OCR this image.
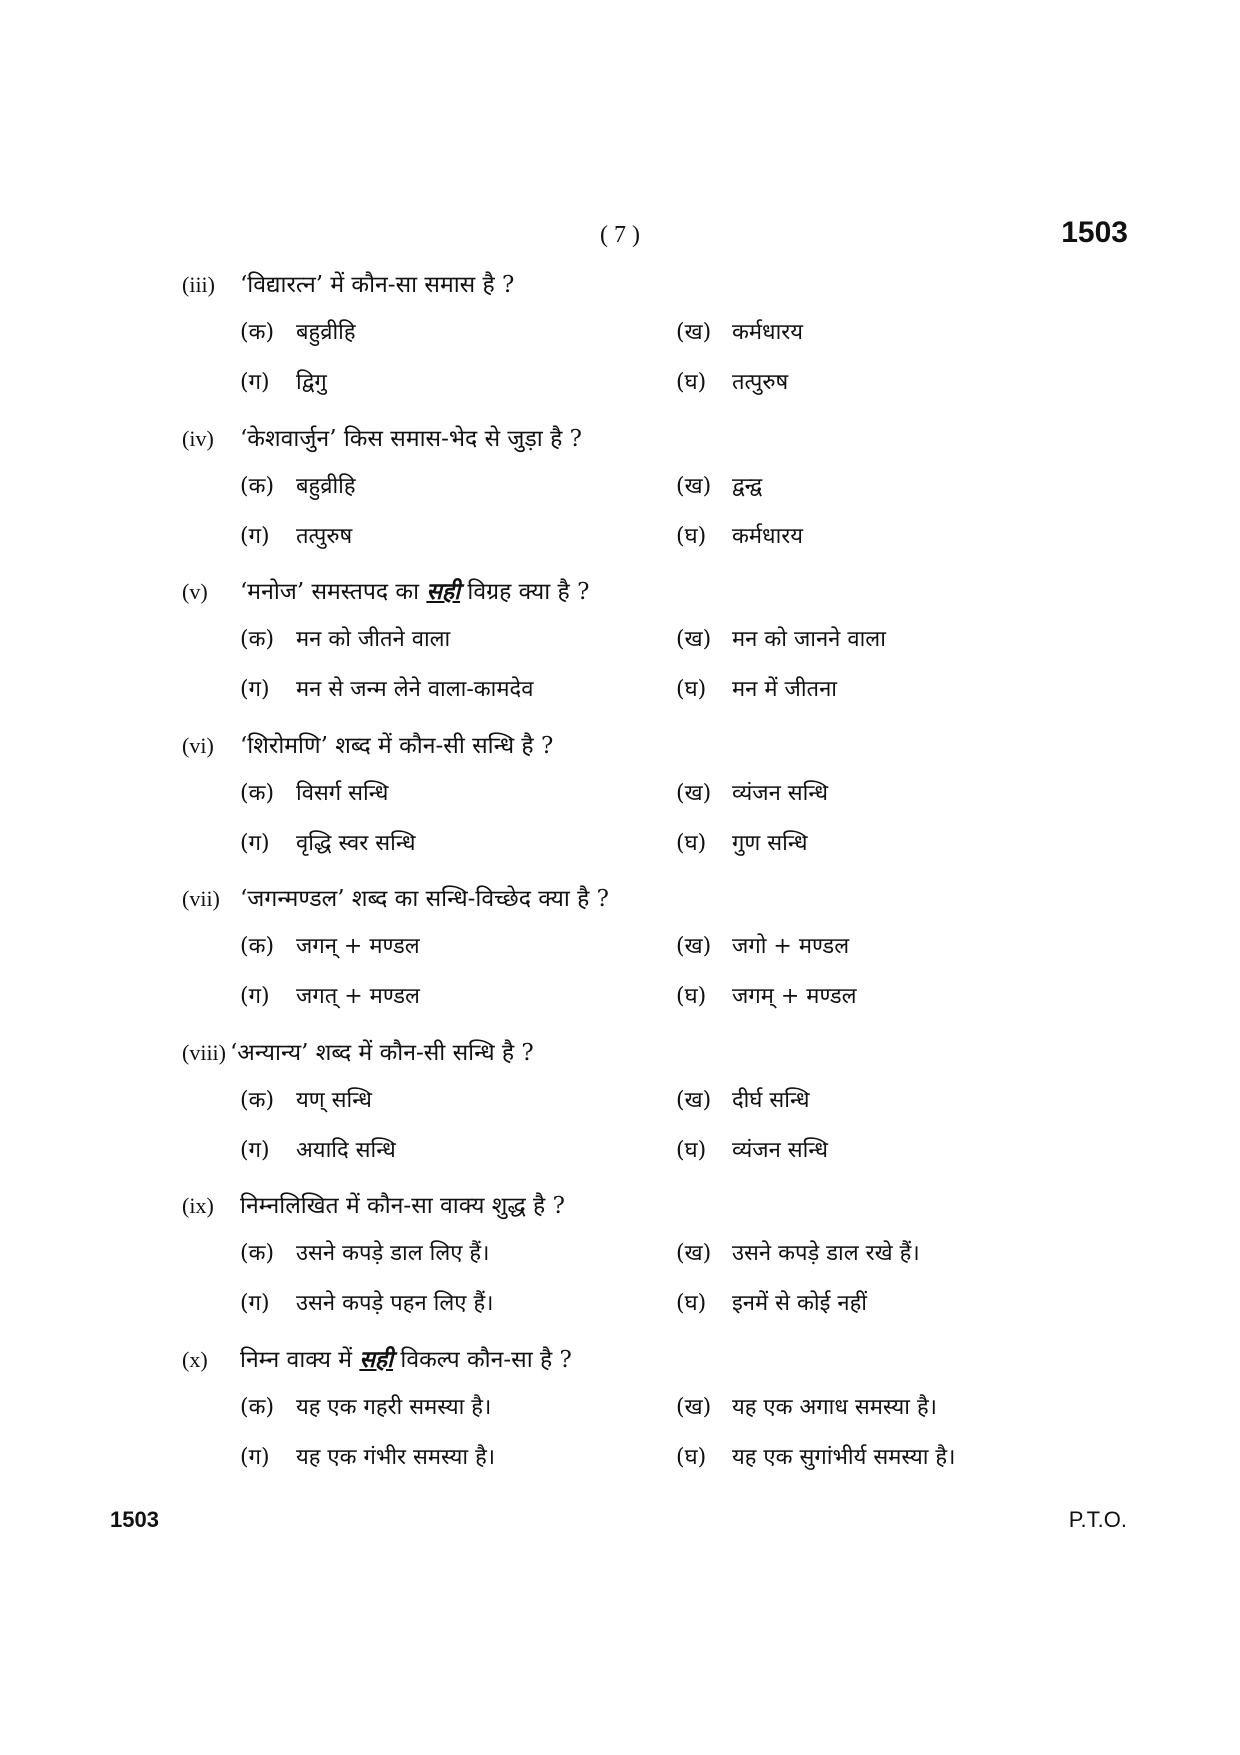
( 7 )	1503
(iii) ‘विद्यारत्न’ में कौन-सा समास है ?
(क) बहुव्रीहि	(ख) कर्मधारय
(ग) द्विगु	(घ) तत्पुरुष
(iv) ‘केशवार्जुन’ किस समास-भेद से जुड़ा है ?
(क) बहुव्रीहि	(ख) द्वन्द्व
(ग) तत्पुरुष	(घ) कर्मधारय
(v) ‘मनोज’ समस्तपद का सही विग्रह क्या है ?
(क) मन को जीतने वाला	(ख) मन को जानने वाला
(ग) मन से जन्म लेने वाला-कामदेव	(घ) मन में जीतना
(vi) ‘शिरोमणि’ शब्द में कौन-सी सन्धि है ?
(क) विसर्ग सन्धि	(ख) व्यंजन सन्धि
(ग) वृद्धि स्वर सन्धि	(घ) गुण सन्धि
(vii) ‘जगन्मण्डल’ शब्द का सन्धि-विच्छेद क्या है ?
(क) जगन् + मण्डल	(ख) जगो + मण्डल
(ग) जगत् + मण्डल	(घ) जगम् + मण्डल
(viii) ‘अन्यान्य’ शब्द में कौन-सी सन्धि है ?
(क) यण् सन्धि	(ख) दीर्घ सन्धि
(ग) अयादि सन्धि	(घ) व्यंजन सन्धि
(ix) निम्नलिखित में कौन-सा वाक्य शुद्ध है ?
(क) उसने कपड़े डाल लिए हैं।	(ख) उसने कपड़े डाल रखे हैं।
(ग) उसने कपड़े पहन लिए हैं।	(घ) इनमें से कोई नहीं
(x) निम्न वाक्य में सही विकल्प कौन-सा है ?
(क) यह एक गहरी समस्या है।	(ख) यह एक अगाध समस्या है।
(ग) यह एक गंभीर समस्या है।	(घ) यह एक सुगांभीर्य समस्या है।
1503	P.T.O.
